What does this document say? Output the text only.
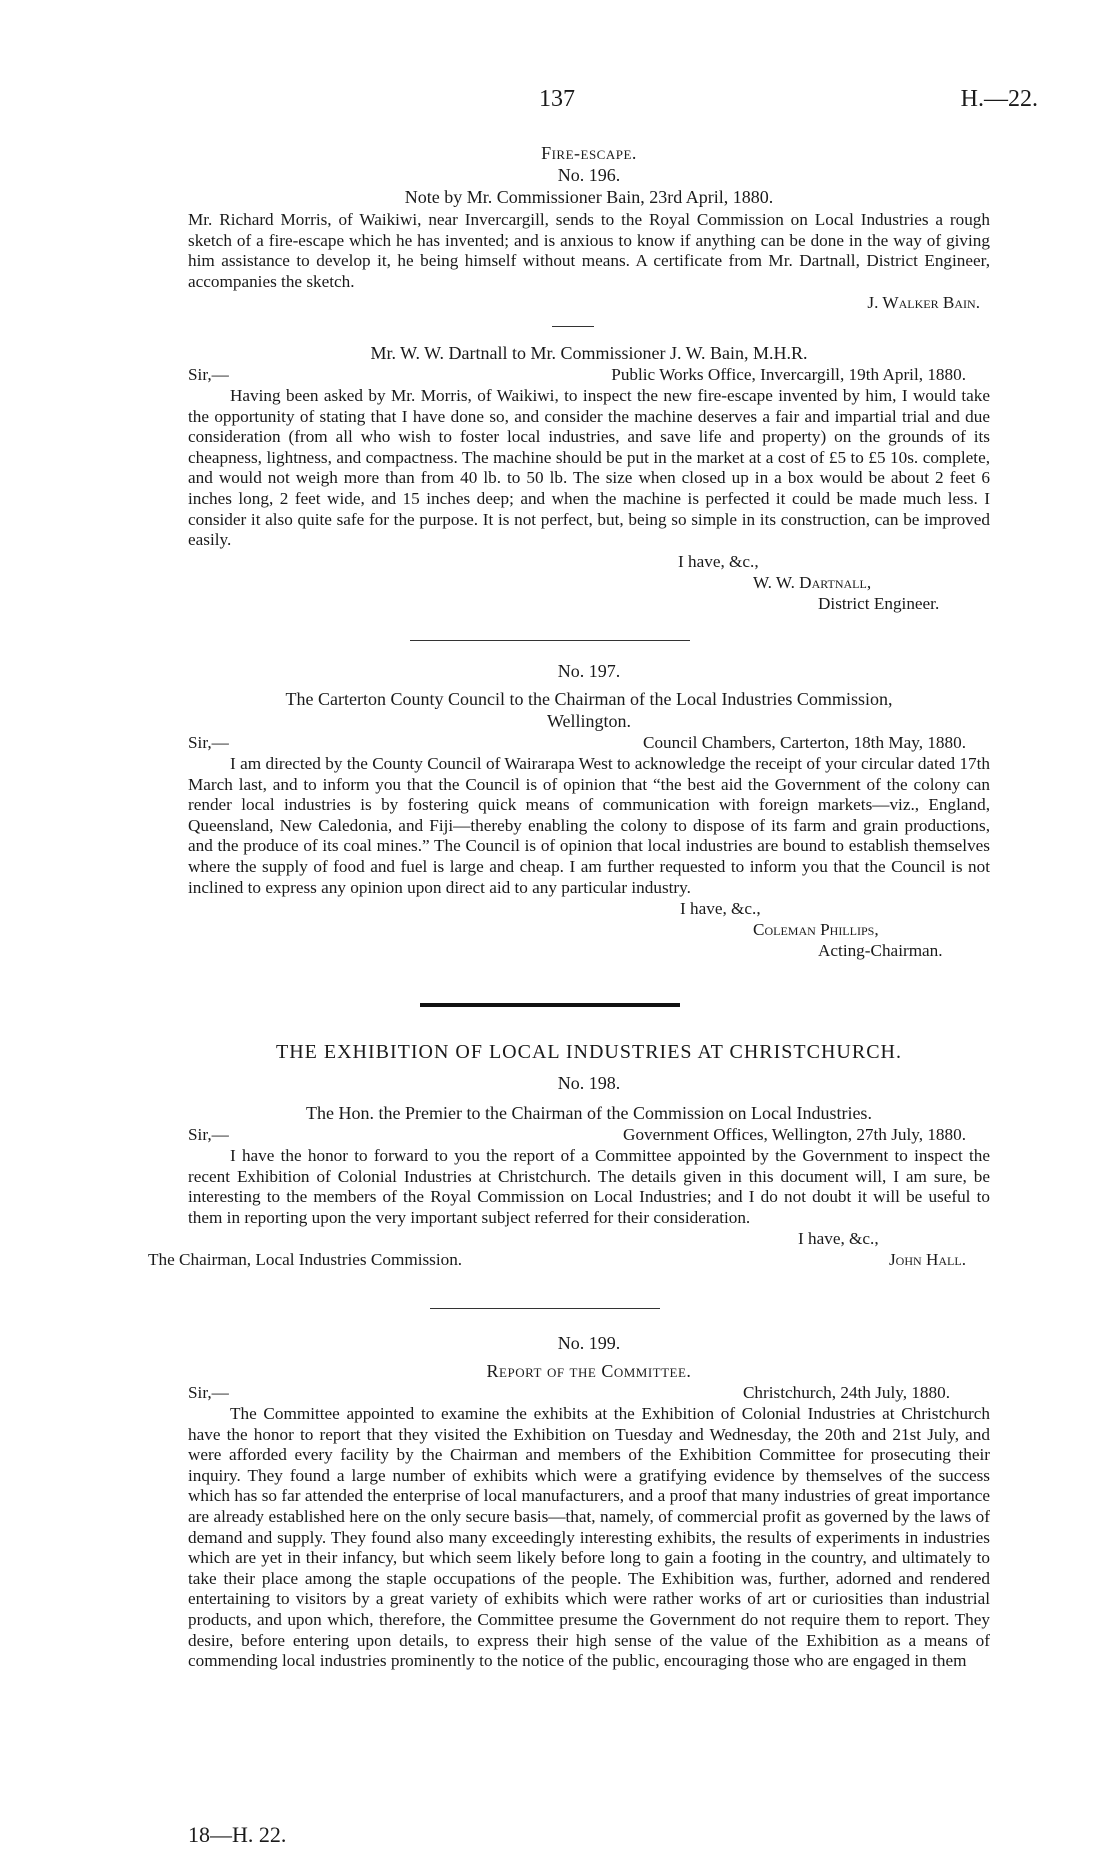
137	H.—22.

Fire-escape.

No. 196.

Note by Mr. Commissioner Bain, 23rd April, 1880.

Mr. Richard Morris, of Waikiwi, near Invercargill, sends to the Royal Commission on Local Industries a rough sketch of a fire-escape which he has invented; and is anxious to know if anything can be done in the way of giving him assistance to develop it, he being himself without means. A certificate from Mr. Dartnall, District Engineer, accompanies the sketch.

J. Walker Bain.

Mr. W. W. Dartnall to Mr. Commissioner J. W. Bain, M.H.R.

Sir,—	Public Works Office, Invercargill, 19th April, 1880.

Having been asked by Mr. Morris, of Waikiwi, to inspect the new fire-escape invented by him, I would take the opportunity of stating that I have done so, and consider the machine deserves a fair and impartial trial and due consideration (from all who wish to foster local industries, and save life and property) on the grounds of its cheapness, lightness, and compactness. The machine should be put in the market at a cost of £5 to £5 10s. complete, and would not weigh more than from 40 lb. to 50 lb. The size when closed up in a box would be about 2 feet 6 inches long, 2 feet wide, and 15 inches deep; and when the machine is perfected it could be made much less. I consider it also quite safe for the purpose. It is not perfect, but, being so simple in its construction, can be improved easily.

I have, &c.,
W. W. Dartnall,
District Engineer.

No. 197.

The Carterton County Council to the Chairman of the Local Industries Commission,

Wellington.

Sir,—	Council Chambers, Carterton, 18th May, 1880.

I am directed by the County Council of Wairarapa West to acknowledge the receipt of your circular dated 17th March last, and to inform you that the Council is of opinion that “the best aid the Government of the colony can render local industries is by fostering quick means of communication with foreign markets—viz., England, Queensland, New Caledonia, and Fiji—thereby enabling the colony to dispose of its farm and grain productions, and the produce of its coal mines.” The Council is of opinion that local industries are bound to establish themselves where the supply of food and fuel is large and cheap. I am further requested to inform you that the Council is not inclined to express any opinion upon direct aid to any particular industry.

I have, &c.,
Coleman Phillips,
Acting-Chairman.

THE EXHIBITION OF LOCAL INDUSTRIES AT CHRISTCHURCH.

No. 198.

The Hon. the Premier to the Chairman of the Commission on Local Industries.

Sir,—	Government Offices, Wellington, 27th July, 1880.

I have the honor to forward to you the report of a Committee appointed by the Government to inspect the recent Exhibition of Colonial Industries at Christchurch. The details given in this document will, I am sure, be interesting to the members of the Royal Commission on Local Industries; and I do not doubt it will be useful to them in reporting upon the very important subject referred for their consideration.

I have, &c.,
The Chairman, Local Industries Commission.	John Hall.

No. 199.

Report of the Committee.

Sir,—	Christchurch, 24th July, 1880.

The Committee appointed to examine the exhibits at the Exhibition of Colonial Industries at Christchurch have the honor to report that they visited the Exhibition on Tuesday and Wednesday, the 20th and 21st July, and were afforded every facility by the Chairman and members of the Exhibition Committee for prosecuting their inquiry. They found a large number of exhibits which were a gratifying evidence by themselves of the success which has so far attended the enterprise of local manufacturers, and a proof that many industries of great importance are already established here on the only secure basis—that, namely, of commercial profit as governed by the laws of demand and supply. They found also many exceedingly interesting exhibits, the results of experiments in industries which are yet in their infancy, but which seem likely before long to gain a footing in the country, and ultimately to take their place among the staple occupations of the people. The Exhibition was, further, adorned and rendered entertaining to visitors by a great variety of exhibits which were rather works of art or curiosities than industrial products, and upon which, therefore, the Committee presume the Government do not require them to report. They desire, before entering upon details, to express their high sense of the value of the Exhibition as a means of commending local industries prominently to the notice of the public, encouraging those who are engaged in them

18—H. 22.
